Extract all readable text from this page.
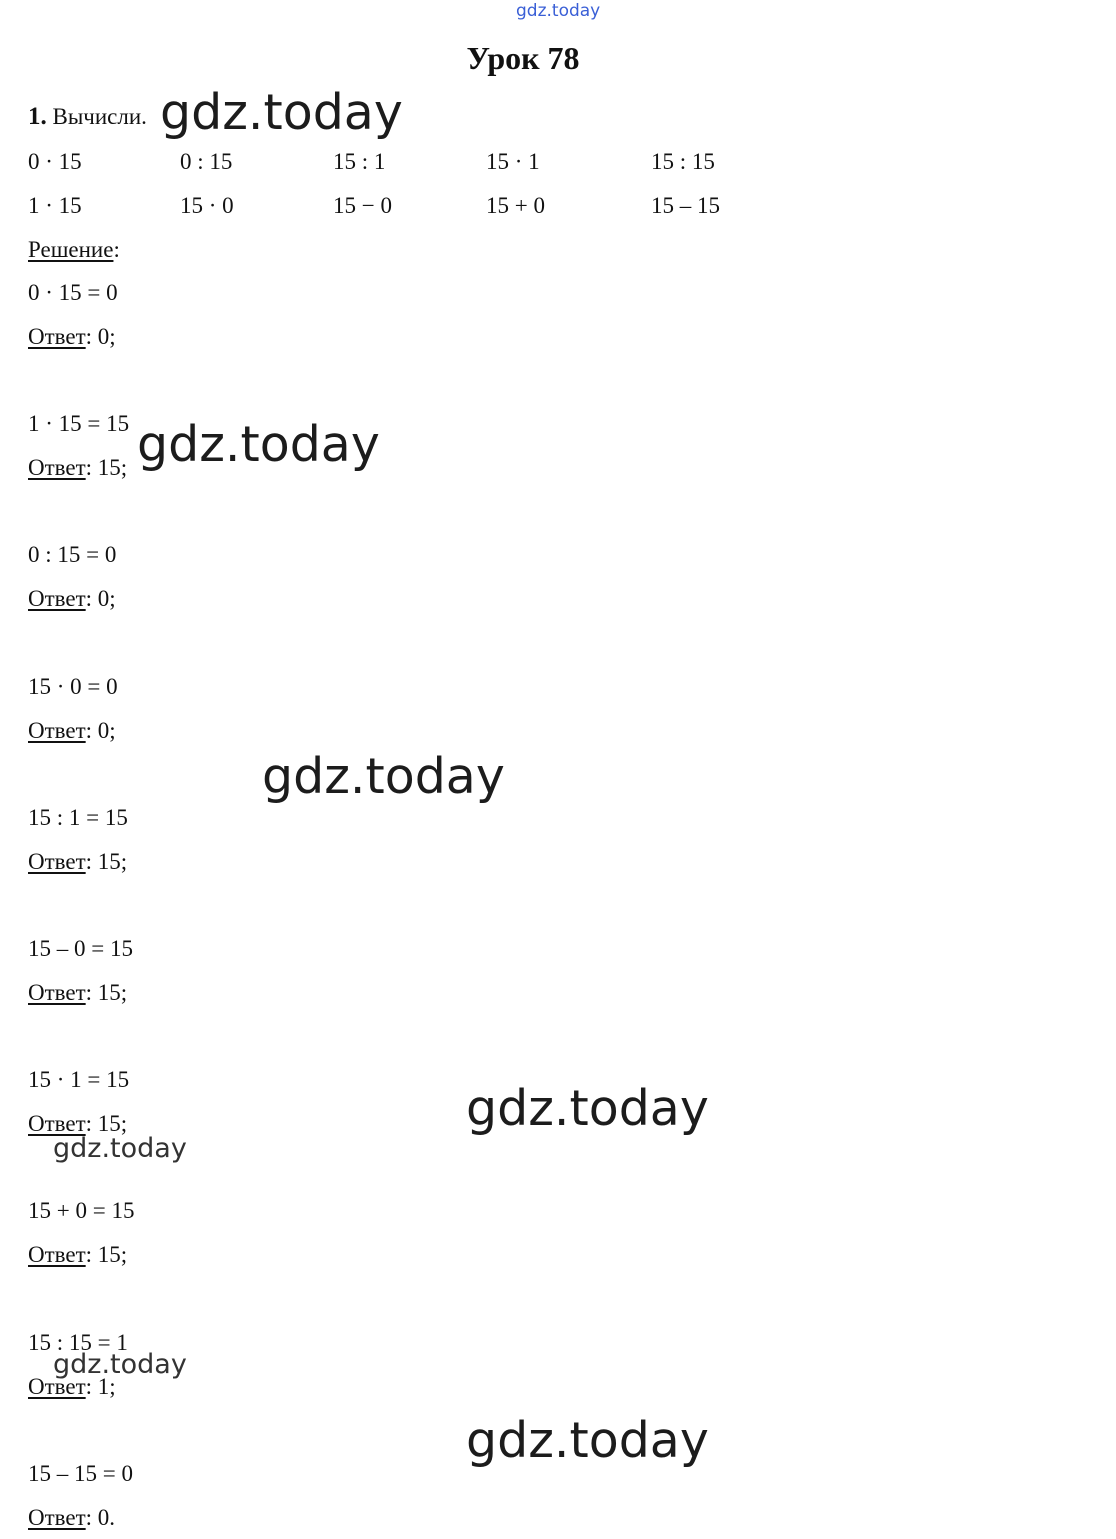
gdz.today
Урок 78
1. Вычисли.
0 · 15	0 : 15	15 : 1	15 · 1	15 : 15
1 · 15	15 · 0	15 − 0	15 + 0	15 – 15
Решение:
0 · 15 = 0
Ответ: 0;
1 · 15 = 15
Ответ: 15;
0 : 15 = 0
Ответ: 0;
15 · 0 = 0
Ответ: 0;
15 : 1 = 15
Ответ: 15;
15 – 0 = 15
Ответ: 15;
15 · 1 = 15
Ответ: 15;
15 + 0 = 15
Ответ: 15;
15 : 15 = 1
Ответ: 1;
15 – 15 = 0
Ответ: 0.
gdz.today
gdz.today
gdz.today
gdz.today
gdz.today
gdz.today
gdz.today
